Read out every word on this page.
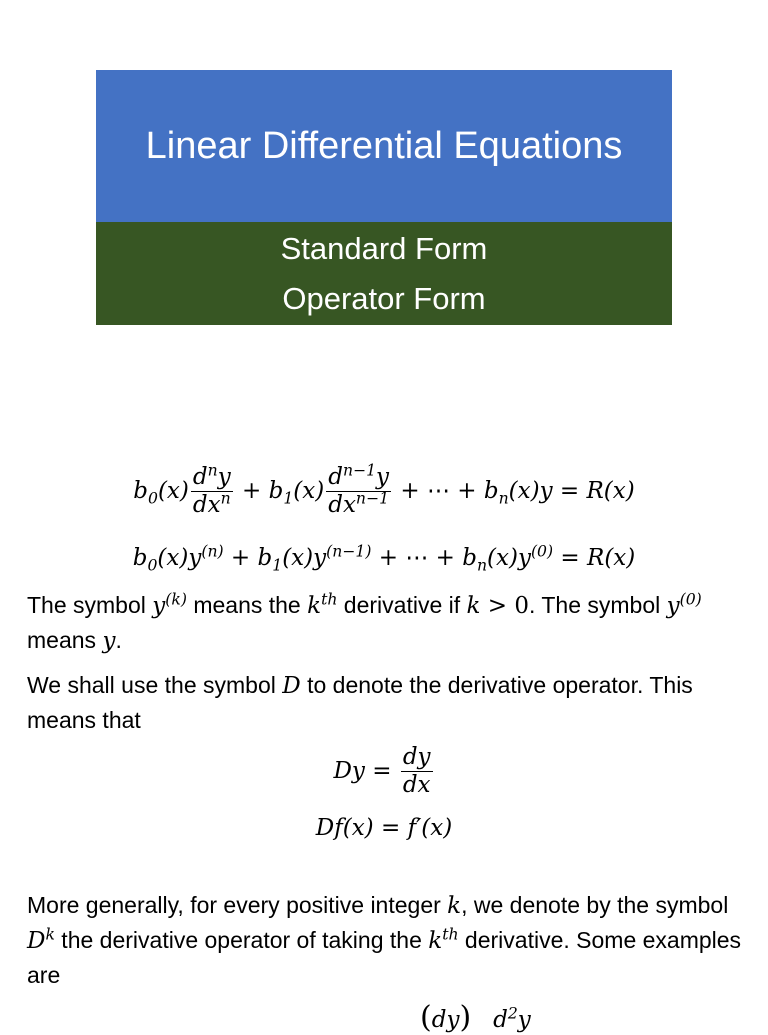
Linear Differential Equations
Standard Form
Operator Form
$b_0(x) \frac{d^ny}{dx^n} + b_1(x) \frac{d^{n-1}y}{dx^{n-1}}$ + ⋯ + $b_n(x)y = R(x)$
$b_0(x)y^{(n)} + b_1(x)y^{(n-1)}$ + ⋯ + $b_n(x)y^{(0)} = R(x)$
The symbol $y^{(k)}$ means the $k^{th}$ derivative if k > 0. The symbol $y^{(0)}$ means y.
We shall use the symbol D to denote the derivative operator. This means that
$Dy = \frac{dy}{dx}$
Df(x) = f′(x)
More generally, for every positive integer k, we denote by the symbol $D^k$ the derivative operator of taking the $k^{th}$ derivative. Some examples are
(dy)   $d^2y$
